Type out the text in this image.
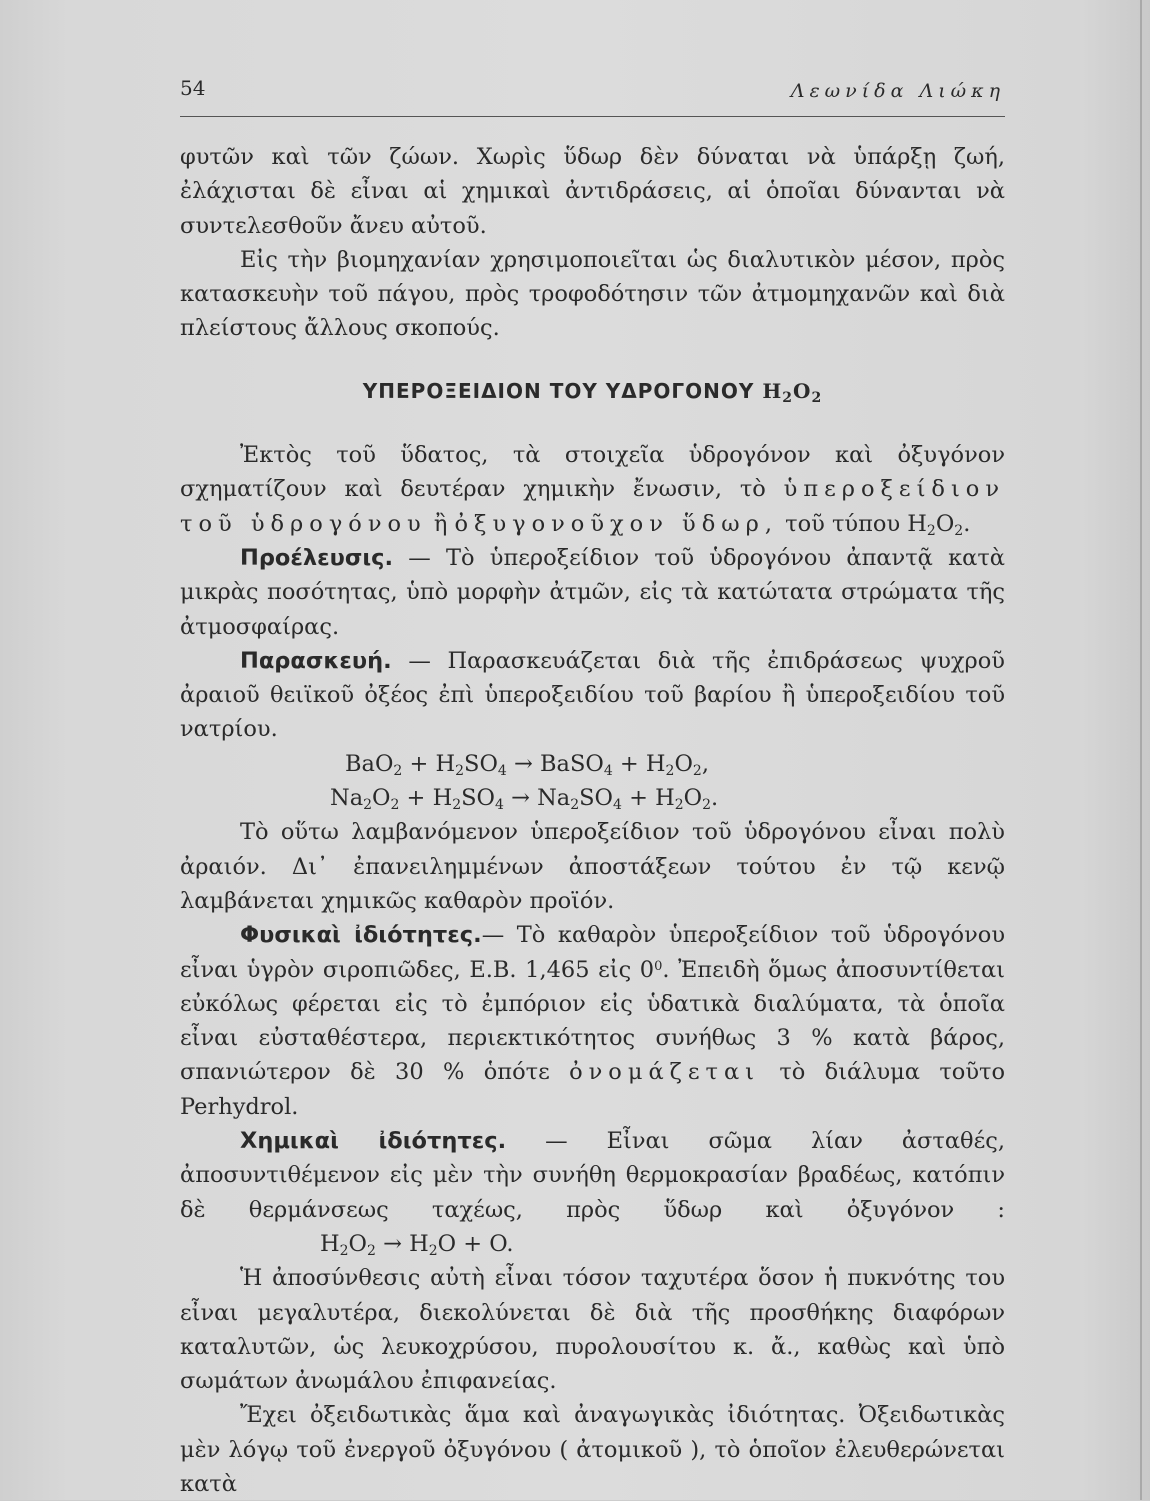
54	Λεωνίδα Λιώκη

φυτῶν καὶ τῶν ζώων. Χωρὶς ὕδωρ δὲν δύναται νὰ ὑπάρξῃ ζωή, ἐλάχισται δὲ εἶναι αἱ χημικαὶ ἀντιδράσεις, αἱ ὁποῖαι δύνανται νὰ συντελεσθοῦν ἄνευ αὐτοῦ.

Εἰς τὴν βιομηχανίαν χρησιμοποιεῖται ὡς διαλυτικὸν μέσον, πρὸς κατασκευὴν τοῦ πάγου, πρὸς τροφοδότησιν τῶν ἀτμομηχανῶν καὶ διὰ πλείστους ἄλλους σκοπούς.

ΥΠΕΡΟΞΕΙΔΙΟΝ ΤΟΥ ΥΔΡΟΓΟΝΟΥ $H_2O_2$

Ἐκτὸς τοῦ ὕδατος, τὰ στοιχεῖα ὑδρογόνον καὶ ὀξυγόνον σχηματίζουν καὶ δευτέραν χημικὴν ἔνωσιν, τὸ ὑπεροξείδιον τοῦ ὑδρογόνου ἢ ὀξυγονοῦχον ὕδωρ, τοῦ τύπου $H_2O_2$.

Προέλευσις. — Τὸ ὑπεροξείδιον τοῦ ὑδρογόνου ἀπαντᾷ κατὰ μικρὰς ποσότητας, ὑπὸ μορφὴν ἀτμῶν, εἰς τὰ κατώτατα στρώματα τῆς ἀτμοσφαίρας.

Παρασκευή. — Παρασκευάζεται διὰ τῆς ἐπιδράσεως ψυχροῦ ἀραιοῦ θειϊκοῦ ὀξέος ἐπὶ ὑπεροξειδίου τοῦ βαρίου ἢ ὑπεροξειδίου τοῦ νατρίου.

$BaO_2 + H_2SO_4$ → BaSO$_4$ + $H_2O_2$,

$Na_2O_2 + H_2SO_4 \to Na_2SO_4 + H_2O_2$.

Τὸ οὕτω λαμβανόμενον ὑπεροξείδιον τοῦ ὑδρογόνου εἶναι πολὺ ἀραιόν. Δι᾽ ἐπανειλημμένων ἀποστάξεων τούτου ἐν τῷ κενῷ λαμβάνεται χημικῶς καθαρὸν προϊόν.

Φυσικαὶ ἰδιότητες.— Τὸ καθαρὸν ὑπεροξείδιον τοῦ ὑδρογόνου εἶναι ὑγρὸν σιροπιῶδες, Ε.Β. 1,465 εἰς $0^0$. Ἐπειδὴ ὅμως ἀποσυντίθεται εὐκόλως φέρεται εἰς τὸ ἐμπόριον εἰς ὑδατικὰ διαλύματα, τὰ ὁποῖα εἶναι εὐσταθέστερα, περιεκτικότητος συνήθως 3 % κατὰ βάρος, σπανιώτερον δὲ 30 % ὁπότε ὀνομάζεται τὸ διάλυμα τοῦτο Perhydrol.

Χημικαὶ ἰδιότητες. — Εἶναι σῶμα λίαν ἀσταθές, ἀποσυντιθέμενον εἰς μὲν τὴν συνήθη θερμοκρασίαν βραδέως, κατόπιν δὲ θερμάνσεως ταχέως, πρὸς ὕδωρ καὶ ὀξυγόνον $:H_2O_2 \to H_2O + O$.

Ἡ ἀποσύνθεσις αὐτὴ εἶναι τόσον ταχυτέρα ὅσον ἡ πυκνότης του εἶναι μεγαλυτέρα, διεκολύνεται δὲ διὰ τῆς προσθήκης διαφόρων καταλυτῶν, ὡς λευκοχρύσου, πυρολουσίτου κ. ἄ., καθὼς καὶ ὑπὸ σωμάτων ἀνωμάλου ἐπιφανείας.

Ἔχει ὀξειδωτικὰς ἅμα καὶ ἀναγωγικὰς ἰδιότητας. Ὀξειδωτικὰς μὲν λόγῳ τοῦ ἐνεργοῦ ὀξυγόνου ( ἀτομικοῦ ), τὸ ὁποῖον ἐλευθερώνεται κατὰ
